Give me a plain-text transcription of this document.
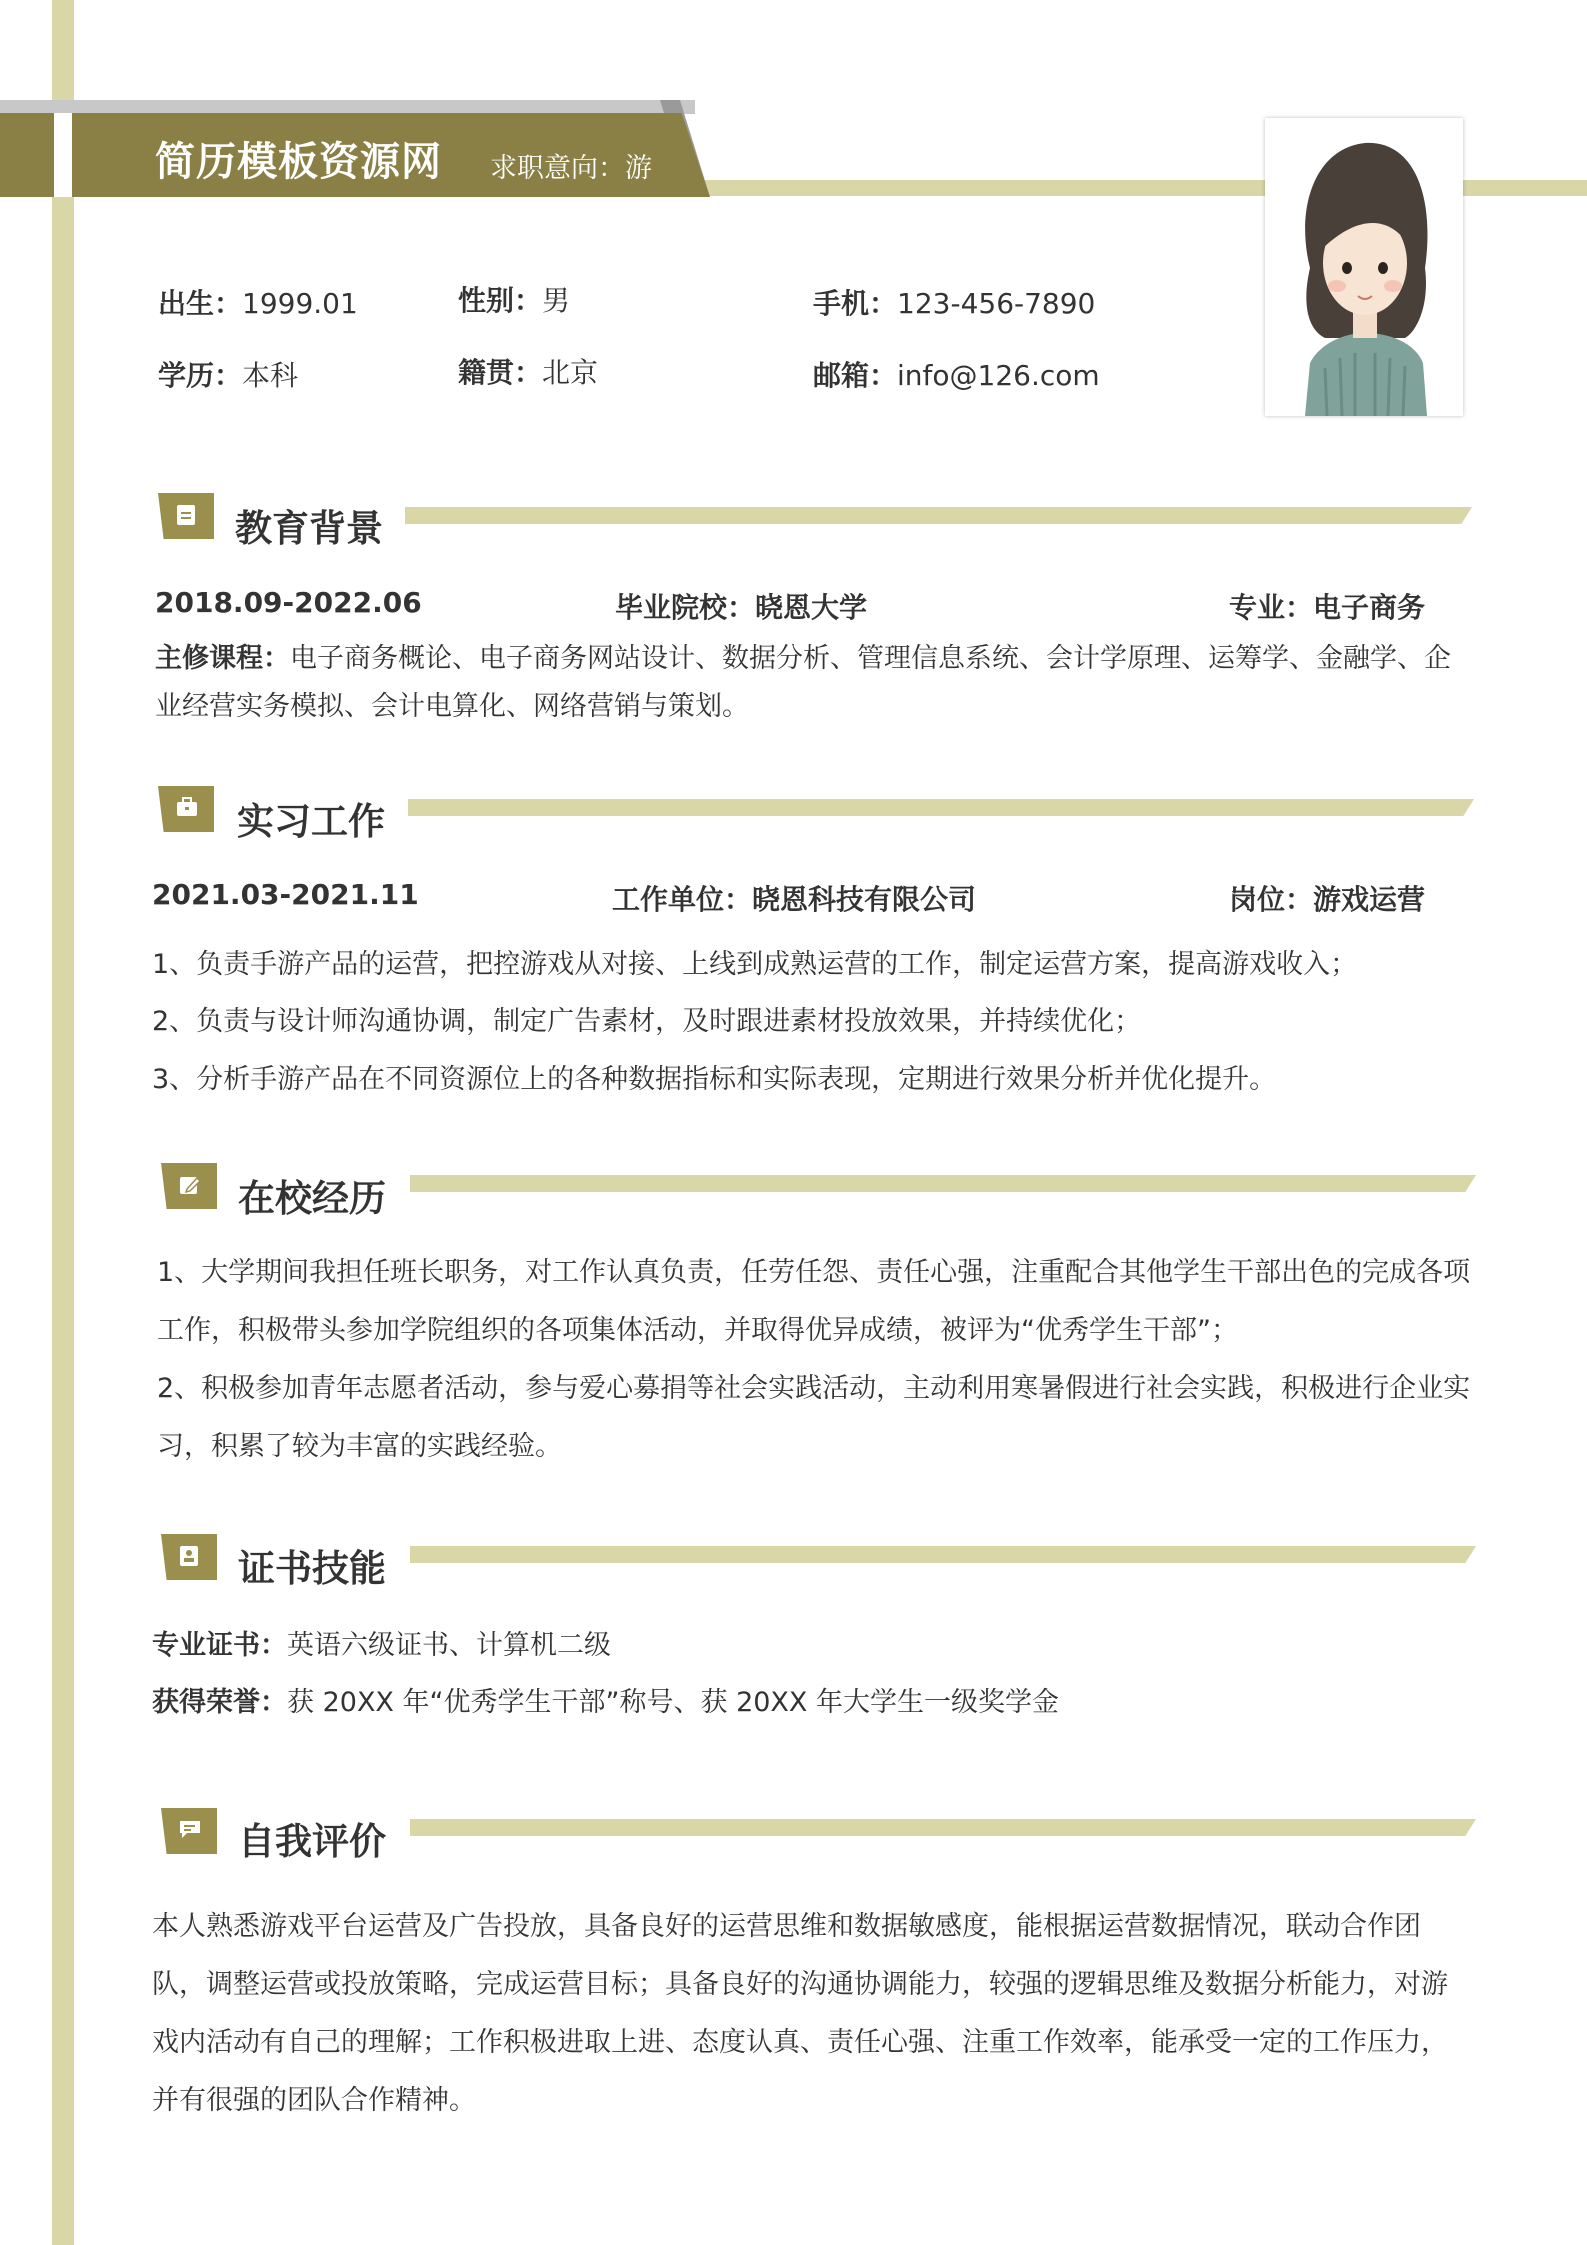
简历模板资源网 求职意向：游
出生：1999.01	性别：男	手机：123-456-7890
学历：本科	籍贯：北京	邮箱：info@126.com
教育背景
2018.09-2022.06	毕业院校：晓恩大学	专业：电子商务
主修课程：电子商务概论、电子商务网站设计、数据分析、管理信息系统、会计学原理、运筹学、金融学、企业经营实务模拟、会计电算化、网络营销与策划。
实习工作
2021.03-2021.11	工作单位：晓恩科技有限公司	岗位：游戏运营
1、负责手游产品的运营，把控游戏从对接、上线到成熟运营的工作，制定运营方案，提高游戏收入；
2、负责与设计师沟通协调，制定广告素材，及时跟进素材投放效果，并持续优化；
3、分析手游产品在不同资源位上的各种数据指标和实际表现，定期进行效果分析并优化提升。
在校经历
1、大学期间我担任班长职务，对工作认真负责，任劳任怨、责任心强，注重配合其他学生干部出色的完成各项工作，积极带头参加学院组织的各项集体活动，并取得优异成绩，被评为“优秀学生干部”；
2、积极参加青年志愿者活动，参与爱心募捐等社会实践活动，主动利用寒暑假进行社会实践，积极进行企业实习，积累了较为丰富的实践经验。
证书技能
专业证书：英语六级证书、计算机二级
获得荣誉：获 20XX 年“优秀学生干部”称号、获 20XX 年大学生一级奖学金
自我评价
本人熟悉游戏平台运营及广告投放，具备良好的运营思维和数据敏感度，能根据运营数据情况，联动合作团队，调整运营或投放策略，完成运营目标；具备良好的沟通协调能力，较强的逻辑思维及数据分析能力，对游戏内活动有自己的理解；工作积极进取上进、态度认真、责任心强、注重工作效率，能承受一定的工作压力，并有很强的团队合作精神。
